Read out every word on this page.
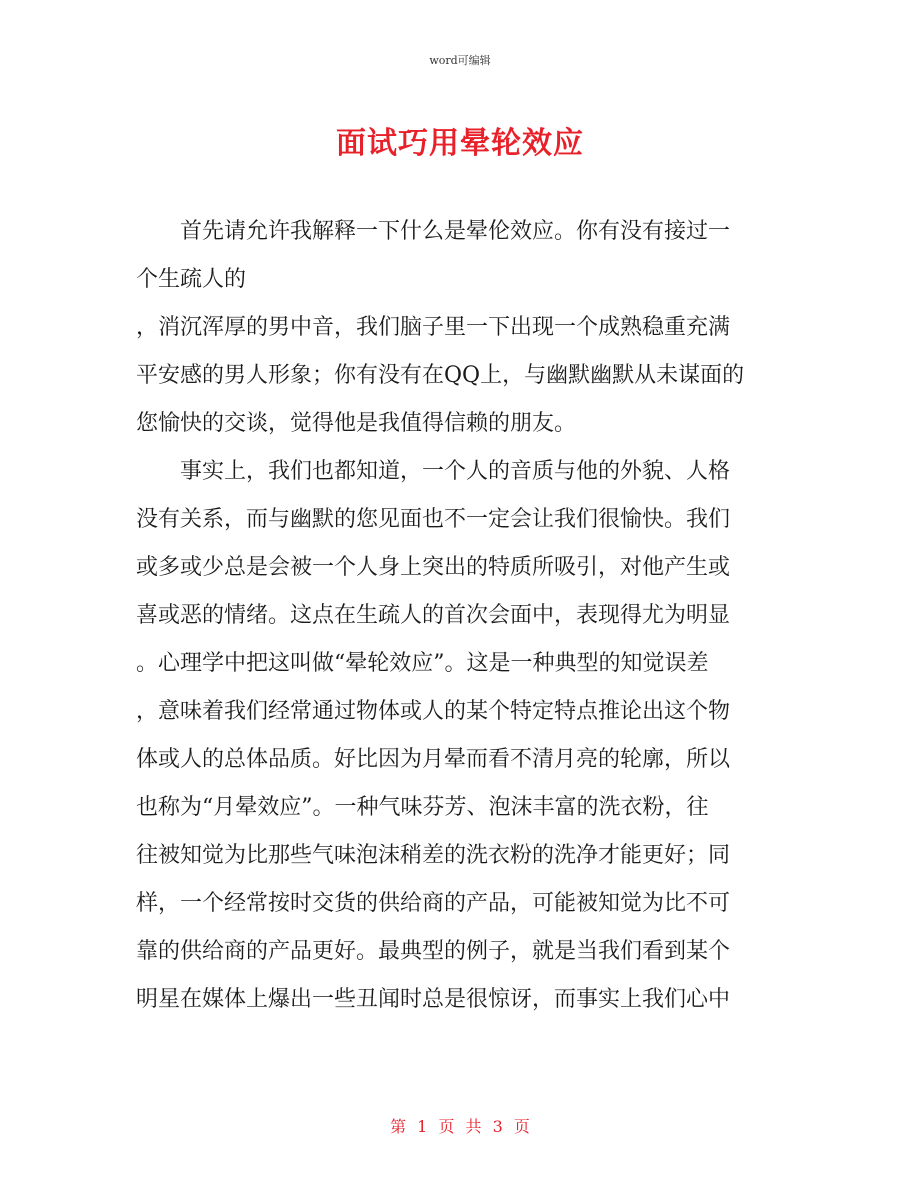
word可编辑
面试巧用晕轮效应
首先请允许我解释一下什么是晕伦效应。你有没有接过一
个生疏人的
，消沉浑厚的男中音，我们脑子里一下出现一个成熟稳重充满
平安感的男人形象；你有没有在QQ上，与幽默幽默从未谋面的
您愉快的交谈，觉得他是我值得信赖的朋友。
事实上，我们也都知道，一个人的音质与他的外貌、人格
没有关系，而与幽默的您见面也不一定会让我们很愉快。我们
或多或少总是会被一个人身上突出的特质所吸引，对他产生或
喜或恶的情绪。这点在生疏人的首次会面中，表现得尤为明显
。心理学中把这叫做“晕轮效应”。这是一种典型的知觉误差
，意味着我们经常通过物体或人的某个特定特点推论出这个物
体或人的总体品质。好比因为月晕而看不清月亮的轮廓，所以
也称为“月晕效应”。一种气味芬芳、泡沫丰富的洗衣粉，往
往被知觉为比那些气味泡沫稍差的洗衣粉的洗净才能更好；同
样，一个经常按时交货的供给商的产品，可能被知觉为比不可
靠的供给商的产品更好。最典型的例子，就是当我们看到某个
明星在媒体上爆出一些丑闻时总是很惊讶，而事实上我们心中
第 1 页 共 3 页
